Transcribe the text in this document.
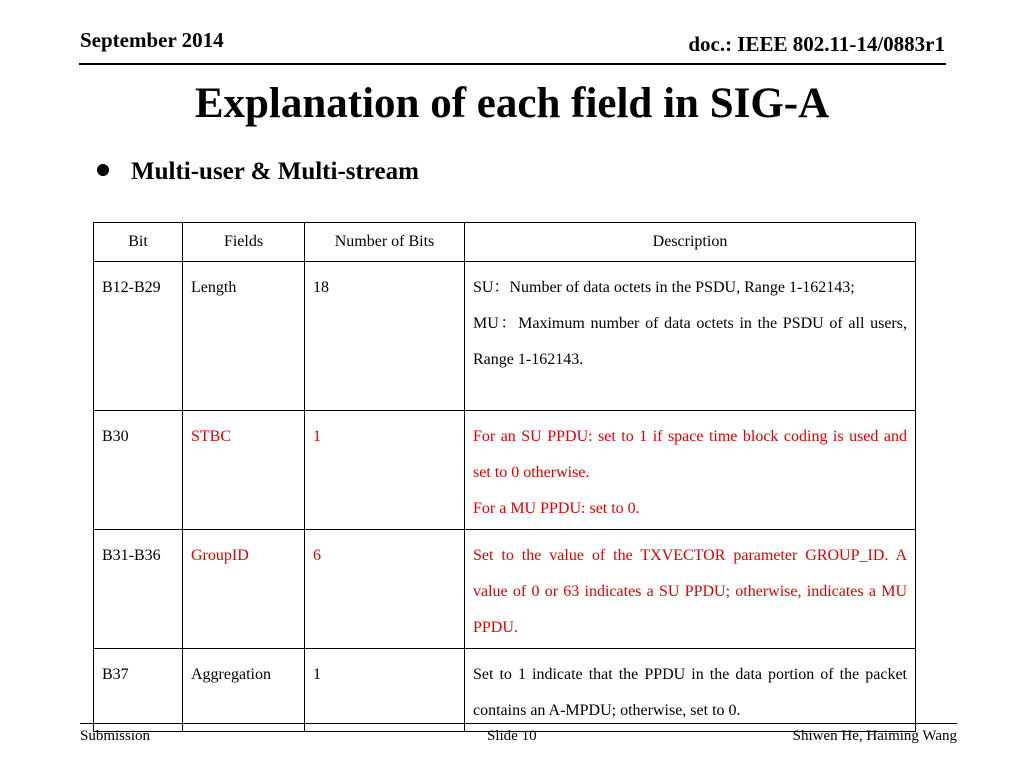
September 2014	doc.: IEEE 802.11-14/0883r1
Explanation of each field in SIG-A
Multi-user & Multi-stream
Bit	Fields	Number of Bits	Description
B12-B29	Length	18	SU：Number of data octets in the PSDU, Range 1-162143;

MU：Maximum number of data octets in the PSDU of all users, Range 1-162143.

B30	STBC	1	For an SU PPDU: set to 1 if space time block coding is used and set to 0 otherwise.

For a MU PPDU: set to 0.

B31-B36	GroupID	6	Set to the value of the TXVECTOR parameter GROUP_ID. A value of 0 or 63 indicates a SU PPDU; otherwise, indicates a MU PPDU.

B37	Aggregation	1	Set to 1 indicate that the PPDU in the data portion of the packet contains an A-MPDU; otherwise, set to 0.

Submission	Slide 10	Shiwen He, Haiming Wang
